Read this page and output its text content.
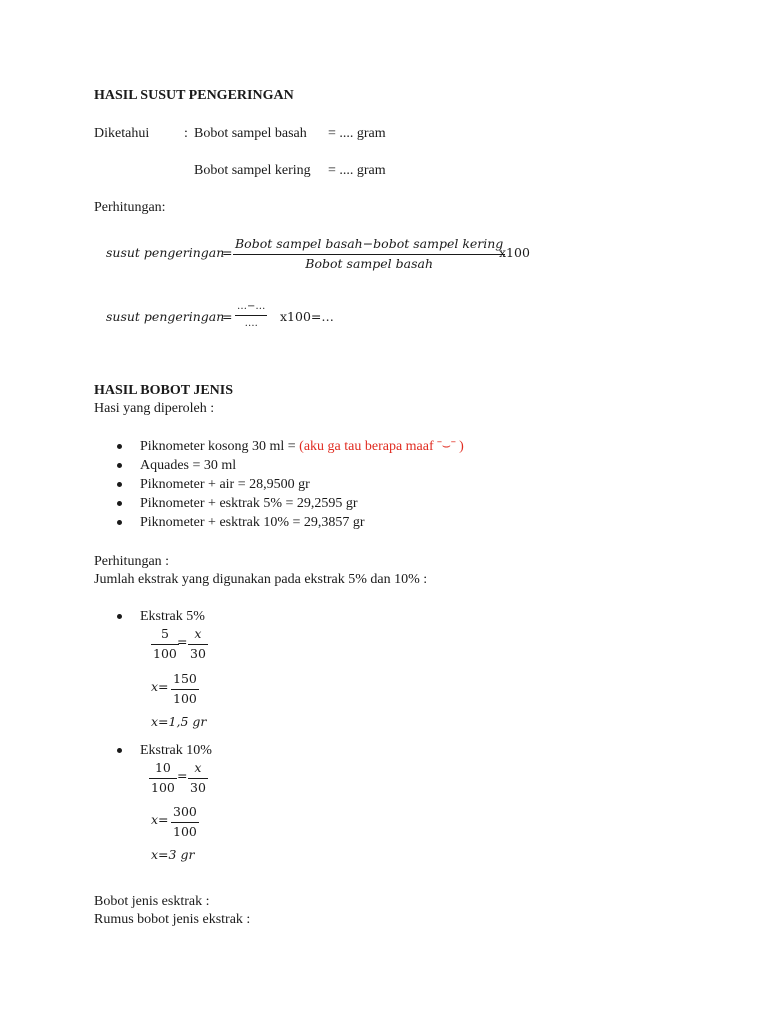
HASIL SUSUT PENGERINGAN
Diketahui : Bobot sampel basah = .... gram
Bobot sampel kering = .... gram
Perhitungan:
susut pengeringan
=
Bobot sampel basah−bobot sampel kering
Bobot sampel basah
x100
susut pengeringan
=
…−…
…. x100=…
HASIL BOBOT JENIS
Hasi yang diperoleh :
Piknometer kosong 30 ml = (aku ga tau berapa maaf ˉ⌣ˉ )
Aquades = 30 ml
Piknometer + air = 28,9500 gr
Piknometer + esktrak 5% = 29,2595 gr
Piknometer + esktrak 10% = 29,3857 gr
Perhitungan :
Jumlah ekstrak yang digunakan pada ekstrak 5% dan 10% :
Ekstrak 5%
5
100
=
x
30
x=
150
100
x=1,5 gr
Ekstrak 10%
10
100
=
x
30
x=
300
100
x=3 gr
Bobot jenis esktrak :
Rumus bobot jenis ekstrak :
